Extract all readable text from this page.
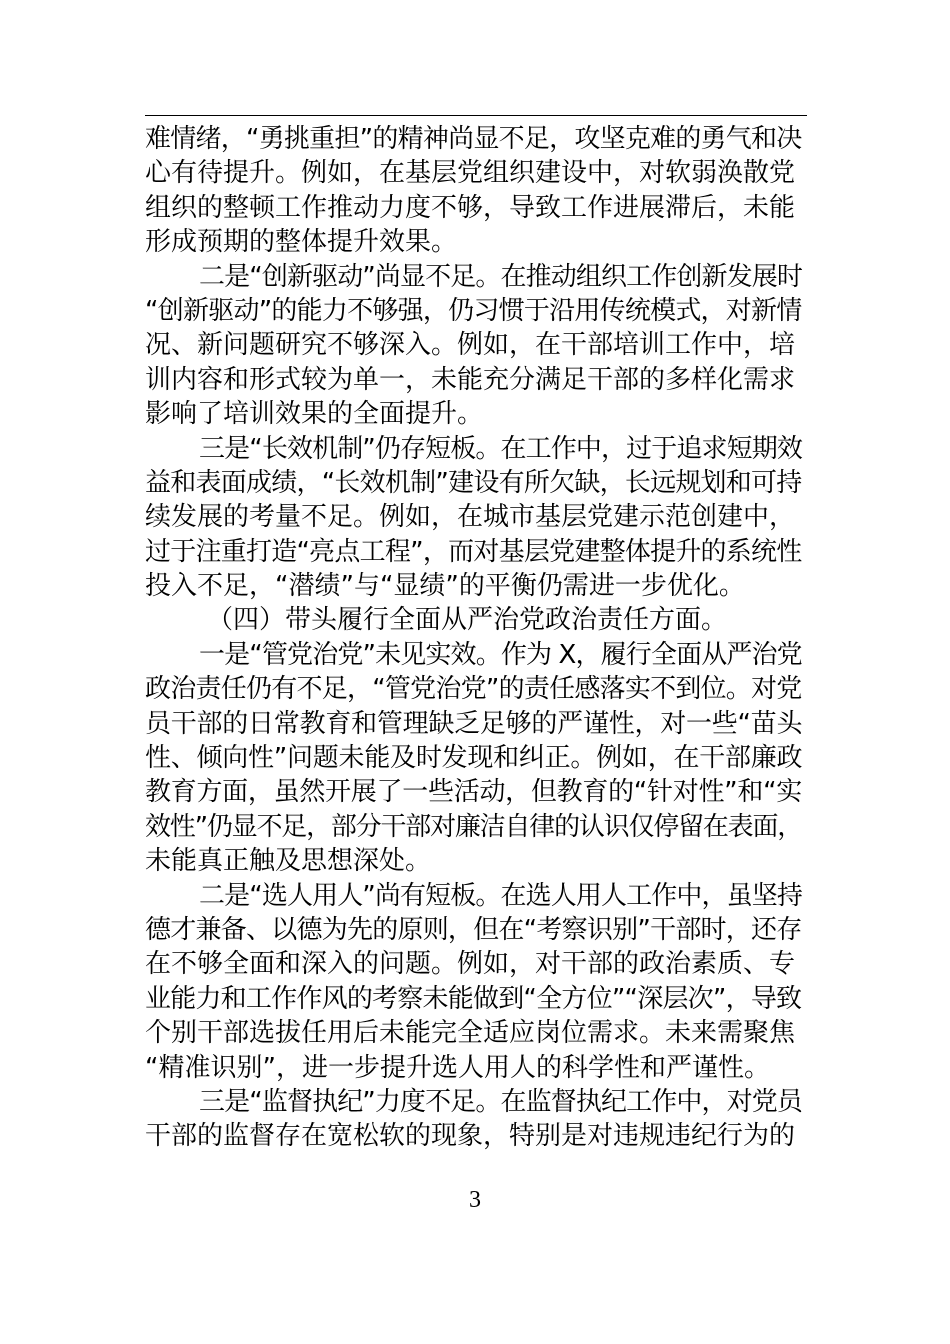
难情绪，“勇挑重担”的精神尚显不足，攻坚克难的勇气和决
心有待提升。例如，在基层党组织建设中，对软弱涣散党
组织的整顿工作推动力度不够，导致工作进展滞后，未能
形成预期的整体提升效果。
二是“创新驱动”尚显不足。在推动组织工作创新发展时
“创新驱动”的能力不够强，仍习惯于沿用传统模式，对新情
况、新问题研究不够深入。例如，在干部培训工作中，培
训内容和形式较为单一，未能充分满足干部的多样化需求
影响了培训效果的全面提升。
三是“长效机制”仍存短板。在工作中，过于追求短期效
益和表面成绩，“长效机制”建设有所欠缺，长远规划和可持
续发展的考量不足。例如，在城市基层党建示范创建中，
过于注重打造“亮点工程”，而对基层党建整体提升的系统性
投入不足，“潜绩”与“显绩”的平衡仍需进一步优化。
（四）带头履行全面从严治党政治责任方面。
一是“管党治党”未见实效。作为 X，履行全面从严治党
政治责任仍有不足，“管党治党”的责任感落实不到位。对党
员干部的日常教育和管理缺乏足够的严谨性，对一些“苗头
性、倾向性”问题未能及时发现和纠正。例如，在干部廉政
教育方面，虽然开展了一些活动，但教育的“针对性”和“实
效性”仍显不足，部分干部对廉洁自律的认识仅停留在表面，
未能真正触及思想深处。
二是“选人用人”尚有短板。在选人用人工作中，虽坚持
德才兼备、以德为先的原则，但在“考察识别”干部时，还存
在不够全面和深入的问题。例如，对干部的政治素质、专
业能力和工作作风的考察未能做到“全方位”“深层次”，导致
个别干部选拔任用后未能完全适应岗位需求。未来需聚焦
“精准识别”，进一步提升选人用人的科学性和严谨性。
三是“监督执纪”力度不足。在监督执纪工作中，对党员
干部的监督存在宽松软的现象，特别是对违规违纪行为的
3
